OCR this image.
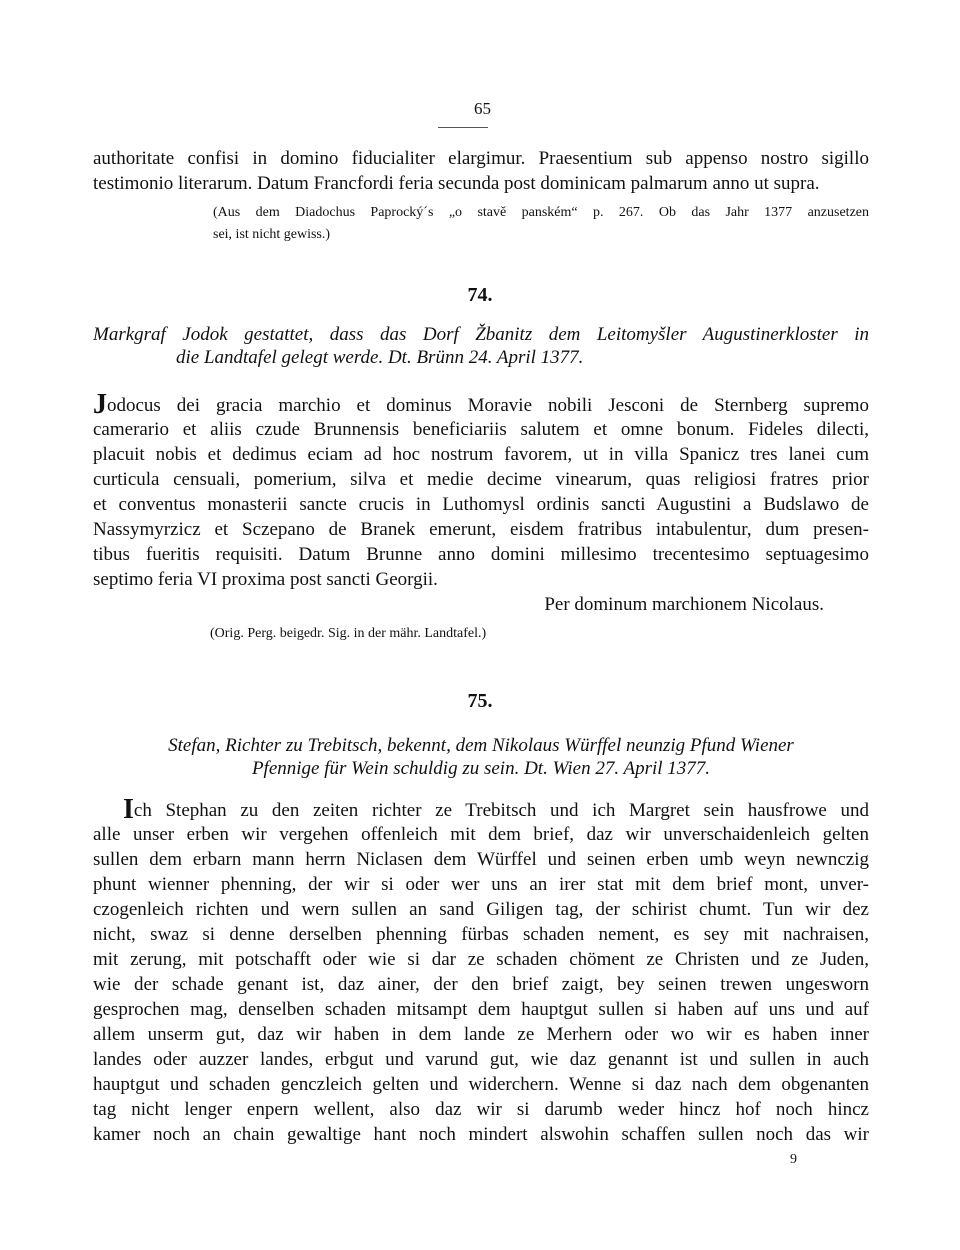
65
authoritate confisi in domino fiducialiter elargimur. Praesentium sub appenso nostro sigillo
testimonio literarum. Datum Francfordi feria secunda post dominicam palmarum anno ut supra.
(Aus dem Diadochus Paprocký´s „o stavě panském“ p. 267. Ob das Jahr 1377 anzusetzen
sei, ist nicht gewiss.)
74.
Markgraf Jodok gestattet, dass das Dorf Žbanitz dem Leitomyšler Augustinerkloster in
die Landtafel gelegt werde. Dt. Brünn 24. April 1377.
Jodocus dei gracia marchio et dominus Moravie nobili Jesconi de Sternberg supremo
camerario et aliis czude Brunnensis beneficiariis salutem et omne bonum. Fideles dilecti,
placuit nobis et dedimus eciam ad hoc nostrum favorem, ut in villa Spanicz tres lanei cum
curticula censuali, pomerium, silva et medie decime vinearum, quas religiosi fratres prior
et conventus monasterii sancte crucis in Luthomysl ordinis sancti Augustini a Budslawo de
Nassymyrzicz et Sczepano de Branek emerunt, eisdem fratribus intabulentur, dum presen-
tibus fueritis requisiti. Datum Brunne anno domini millesimo trecentesimo septuagesimo
septimo feria VI proxima post sancti Georgii.
Per dominum marchionem Nicolaus.
(Orig. Perg. beigedr. Sig. in der mähr. Landtafel.)
75.
Stefan, Richter zu Trebitsch, bekennt, dem Nikolaus Würffel neunzig Pfund Wiener
Pfennige für Wein schuldig zu sein. Dt. Wien 27. April 1377.
Ich Stephan zu den zeiten richter ze Trebitsch und ich Margret sein hausfrowe und
alle unser erben wir vergehen offenleich mit dem brief, daz wir unverschaidenleich gelten
sullen dem erbarn mann herrn Niclasen dem Würffel und seinen erben umb weyn newnczig
phunt wienner phenning, der wir si oder wer uns an irer stat mit dem brief mont, unver-
czogenleich richten und wern sullen an sand Giligen tag, der schirist chumt. Tun wir dez
nicht, swaz si denne derselben phenning fürbas schaden nement, es sey mit nachraisen,
mit zerung, mit potschafft oder wie si dar ze schaden chöment ze Christen und ze Juden,
wie der schade genant ist, daz ainer, der den brief zaigt, bey seinen trewen ungesworn
gesprochen mag, denselben schaden mitsampt dem hauptgut sullen si haben auf uns und auf
allem unserm gut, daz wir haben in dem lande ze Merhern oder wo wir es haben inner
landes oder auzzer landes, erbgut und varund gut, wie daz genannt ist und sullen in auch
hauptgut und schaden genczleich gelten und widerchern. Wenne si daz nach dem obgenanten
tag nicht lenger enpern wellent, also daz wir si darumb weder hincz hof noch hincz
kamer noch an chain gewaltige hant noch mindert alswohin schaffen sullen noch das wir
9
